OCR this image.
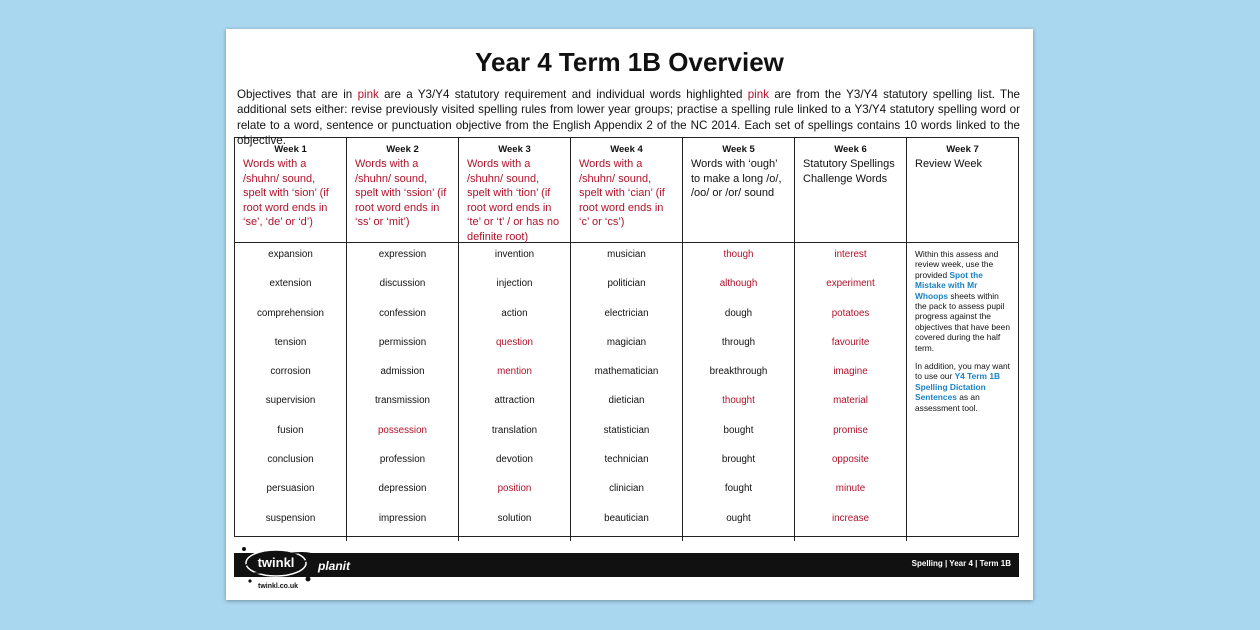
Year 4 Term 1B Overview

Objectives that are in pink are a Y3/Y4 statutory requirement and individual words highlighted pink are from the Y3/Y4 statutory spelling list. The additional sets either: revise previously visited spelling rules from lower year groups; practise a spelling rule linked to a Y3/Y4 statutory spelling word or relate to a word, sentence or punctuation objective from the English Appendix 2 of the NC 2014. Each set of spellings contains 10 words linked to the objective.

Week 1
Words with a /shuhn/ sound, spelt with ‘sion’ (if root word ends in ‘se’, ‘de’ or ‘d’)
Week 2
Words with a /shuhn/ sound, spelt with ‘ssion’ (if root word ends in ‘ss’ or ‘mit’)
Week 3
Words with a /shuhn/ sound, spelt with ‘tion’ (if root word ends in ‘te’ or ‘t’ / or has no definite root)
Week 4
Words with a /shuhn/ sound, spelt with ‘cian’ (if root word ends in ‘c’ or ‘cs’)
Week 5
Words with ‘ough’ to make a long /o/, /oo/ or /or/ sound
Week 6
Statutory Spellings Challenge Words
Week 7
Review Week
expansion
extension
comprehension
tension
corrosion
supervision
fusion
conclusion
persuasion
suspension
expression
discussion
confession
permission
admission
transmission
possession
profession
depression
impression
invention
injection
action
question
mention
attraction
translation
devotion
position
solution
musician
politician
electrician
magician
mathematician
dietician
statistician
technician
clinician
beautician
though
although
dough
through
breakthrough
thought
bought
brought
fought
ought
interest
experiment
potatoes
favourite
imagine
material
promise
opposite
minute
increase

Within this assess and review week, use the provided Spot the Mistake with Mr Whoops sheets within the pack to assess pupil progress against the objectives that have been covered during the half term.

In addition, you may want to use our Y4 Term 1B Spelling Dictation Sentences as an assessment tool.

Spelling | Year 4 | Term 1B
twinkl planit
twinkl.co.uk
